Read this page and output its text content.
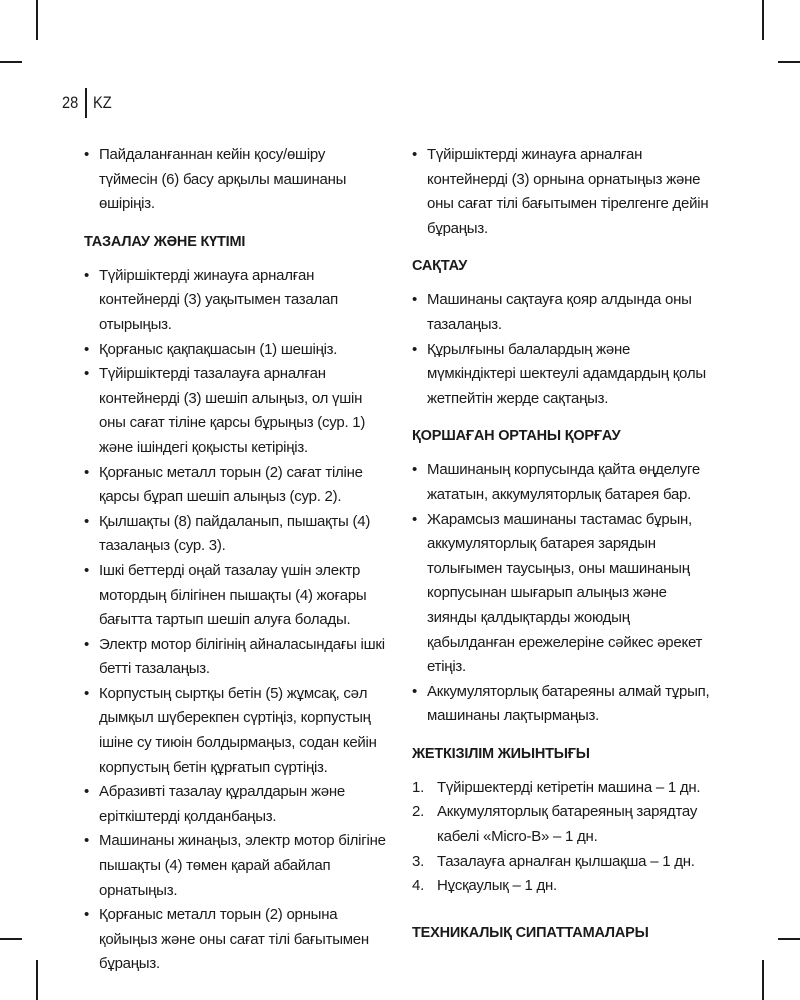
28 KZ
• Пайдаланғаннан кейін қосу/өшіру түймесін (6) басу арқылы машинаны өшіріңіз.
ТАЗАЛАУ ЖӘНЕ КҮТІМІ
• Түйіршіктерді жинауға арналған контейнерді (3) уақытымен тазалап отырыңыз.
• Қорғаныс қақпақшасын (1) шешіңіз.
• Түйіршіктерді тазалауға арналған контейнерді (3) шешіп алыңыз, ол үшін оны сағат тіліне қарсы бұрыңыз (сур. 1) және ішіндегі қоқысты кетіріңіз.
• Қорғаныс металл торын (2) сағат тіліне қарсы бұрап шешіп алыңыз (сур. 2).
• Қылшақты (8) пайдаланып, пышақты (4) тазалаңыз (сур. 3).
• Ішкі беттерді оңай тазалау үшін электр мотордың білігінен пышақты (4) жоғары бағытта тартып шешіп алуға болады.
• Электр мотор білігінің айналасындағы ішкі бетті тазалаңыз.
• Корпустың сыртқы бетін (5) жұмсақ, сәл дымқыл шүберекпен сүртіңіз, корпустың ішіне су тиюін болдырмаңыз, содан кейін корпустың бетін құрғатып сүртіңіз.
• Абразивті тазалау құралдарын және еріткіштерді қолданбаңыз.
• Машинаны жинаңыз, электр мотор білігіне пышақты (4) төмен қарай абайлап орнатыңыз.
• Қорғаныс металл торын (2) орнына қойыңыз және оны сағат тілі бағытымен бұраңыз.
• Түйіршіктерді жинауға арналған контейнерді (3) орнына орнатыңыз және оны сағат тілі бағытымен тірелгенге дейін бұраңыз.
САҚТАУ
• Машинаны сақтауға қояр алдында оны тазалаңыз.
• Құрылғыны балалардың және мүмкіндіктері шектеулі адамдардың қолы жетпейтін жерде сақтаңыз.
ҚОРШАҒАН ОРТАНЫ ҚОРҒАУ
• Машинаның корпусында қайта өңделуге жататын, аккумуляторлық батарея бар.
• Жарамсыз машинаны тастамас бұрын, аккумуляторлық батарея зарядын толығымен таусыңыз, оны машинаның корпусынан шығарып алыңыз және зиянды қалдықтарды жоюдың қабылданған ережелеріне сәйкес әрекет етіңіз.
• Аккумуляторлық батареяны алмай тұрып, машинаны лақтырмаңыз.
ЖЕТКІЗІЛІМ ЖИЫНТЫҒЫ
1. Түйіршектерді кетіретін машина – 1 дн.
2. Аккумуляторлық батареяның зарядтау кабелі «Micro-B» – 1 дн.
3. Тазалауға арналған қылшақша – 1 дн.
4. Нұсқаулық – 1 дн.
ТЕХНИКАЛЫҚ СИПАТТАМАЛАРЫ
